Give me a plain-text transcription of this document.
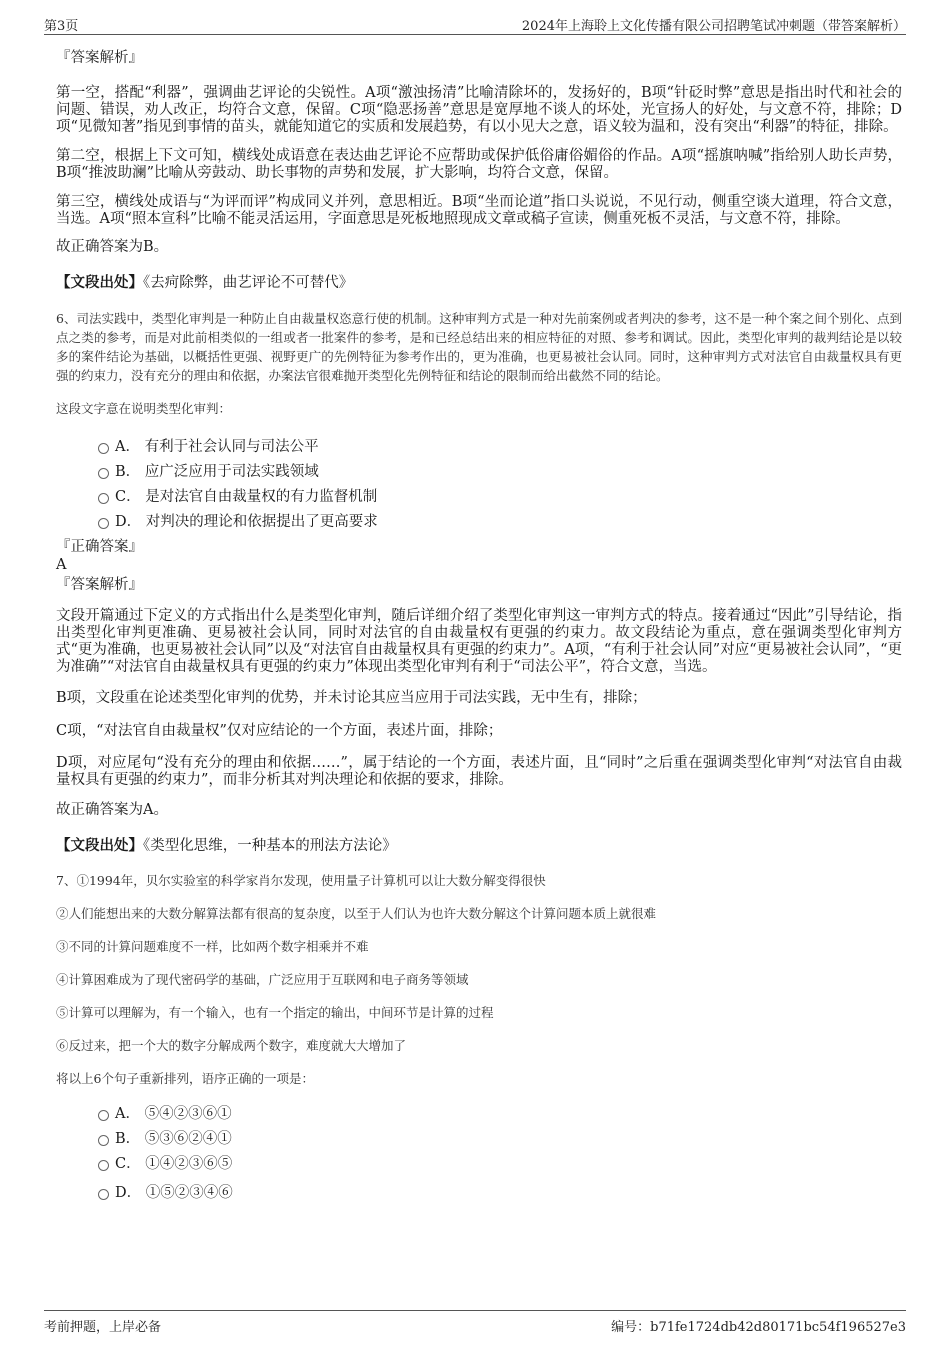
第3页	2024年上海聆上文化传播有限公司招聘笔试冲刺题（带答案解析）

『答案解析』

第一空，搭配“利器”，强调曲艺评论的尖锐性。A项“激浊扬清”比喻清除坏的，发扬好的，B项“针砭时弊”意思是指出时代和社会的问题、错误，劝人改正，均符合文意，保留。C项“隐恶扬善”意思是宽厚地不谈人的坏处，光宣扬人的好处，与文意不符，排除；D项“见微知著”指见到事情的苗头，就能知道它的实质和发展趋势，有以小见大之意，语义较为温和，没有突出“利器”的特征，排除。

第二空，根据上下文可知，横线处成语意在表达曲艺评论不应帮助或保护低俗庸俗媚俗的作品。A项“摇旗呐喊”指给别人助长声势，B项“推波助澜”比喻从旁鼓动、助长事物的声势和发展，扩大影响，均符合文意，保留。

第三空，横线处成语与“为评而评”构成同义并列，意思相近。B项“坐而论道”指口头说说，不见行动，侧重空谈大道理，符合文意，当选。A项“照本宣科”比喻不能灵活运用，字面意思是死板地照现成文章或稿子宣读，侧重死板不灵活，与文意不符，排除。

故正确答案为B。

【文段出处】《去疴除弊，曲艺评论不可替代》

6、司法实践中，类型化审判是一种防止自由裁量权恣意行使的机制。这种审判方式是一种对先前案例或者判决的参考，这不是一种个案之间个别化、点到点之类的参考，而是对此前相类似的一组或者一批案件的参考，是和已经总结出来的相应特征的对照、参考和调试。因此，类型化审判的裁判结论是以较多的案件结论为基础，以概括性更强、视野更广的先例特征为参考作出的，更为准确，也更易被社会认同。同时，这种审判方式对法官自由裁量权具有更强的约束力，没有充分的理由和依据，办案法官很难抛开类型化先例特征和结论的限制而给出截然不同的结论。

这段文字意在说明类型化审判：

A． 有利于社会认同与司法公平
B． 应广泛应用于司法实践领域
C． 是对法官自由裁量权的有力监督机制
D． 对判决的理论和依据提出了更高要求

『正确答案』

A

『答案解析』

文段开篇通过下定义的方式指出什么是类型化审判，随后详细介绍了类型化审判这一审判方式的特点。接着通过“因此”引导结论，指出类型化审判更准确、更易被社会认同，同时对法官的自由裁量权有更强的约束力。故文段结论为重点，意在强调类型化审判方式“更为准确，也更易被社会认同”以及“对法官自由裁量权具有更强的约束力”。A项，“有利于社会认同”对应“更易被社会认同”，“更为准确”“对法官自由裁量权具有更强的约束力”体现出类型化审判有利于“司法公平”，符合文意，当选。

B项，文段重在论述类型化审判的优势，并未讨论其应当应用于司法实践，无中生有，排除；

C项，“对法官自由裁量权”仅对应结论的一个方面，表述片面，排除；

D项，对应尾句“没有充分的理由和依据……”，属于结论的一个方面，表述片面，且“同时”之后重在强调类型化审判“对法官自由裁量权具有更强的约束力”，而非分析其对判决理论和依据的要求，排除。

故正确答案为A。

【文段出处】《类型化思维，一种基本的刑法方法论》

7、①1994年，贝尔实验室的科学家肖尔发现，使用量子计算机可以让大数分解变得很快

②人们能想出来的大数分解算法都有很高的复杂度，以至于人们认为也许大数分解这个计算问题本质上就很难

③不同的计算问题难度不一样，比如两个数字相乘并不难

④计算困难成为了现代密码学的基础，广泛应用于互联网和电子商务等领域

⑤计算可以理解为，有一个输入，也有一个指定的输出，中间环节是计算的过程

⑥反过来，把一个大的数字分解成两个数字，难度就大大增加了

将以上6个句子重新排列，语序正确的一项是：

A． ⑤④②③⑥①
B． ⑤③⑥②④①
C． ①④②③⑥⑤
D． ①⑤②③④⑥
考前押题，上岸必备	编号：b71fe1724db42d80171bc54f196527e3
